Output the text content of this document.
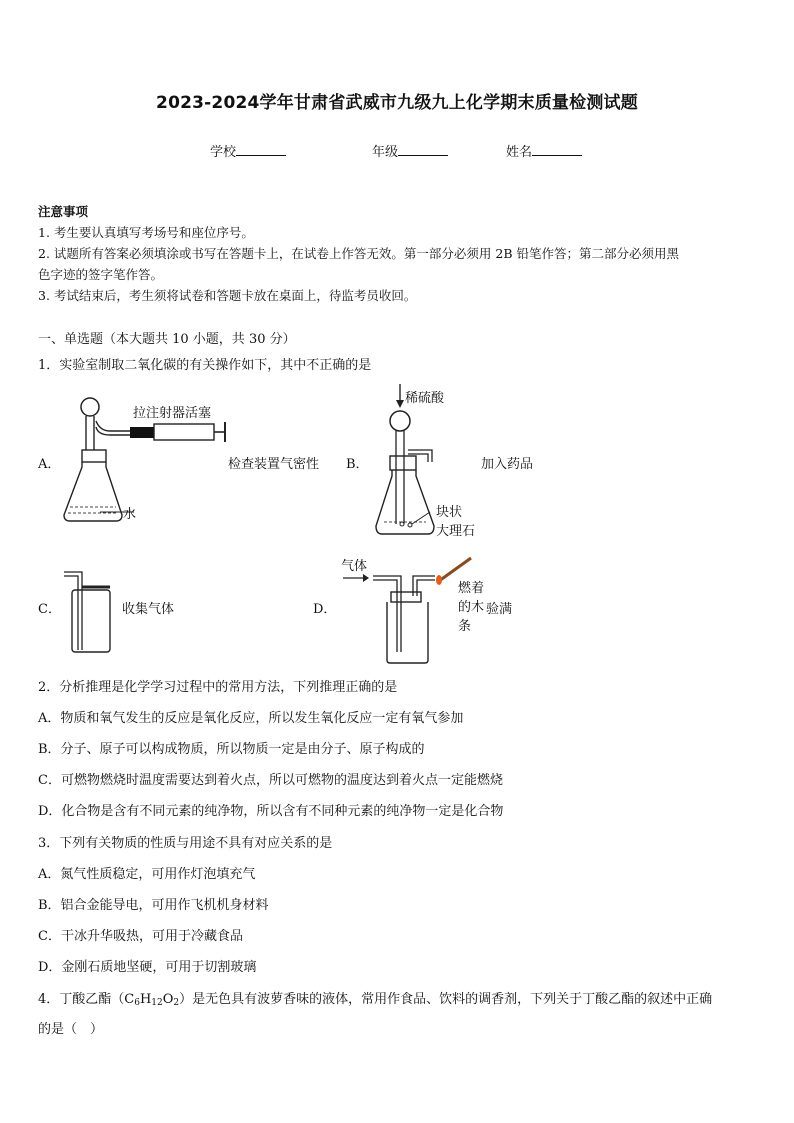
2023-2024学年甘肃省武威市九级九上化学期末质量检测试题
学校	年级	姓名
注意事项
1. 考生要认真填写考场号和座位序号。
2. 试题所有答案必须填涂或书写在答题卡上，在试卷上作答无效。第一部分必须用 2B 铅笔作答；第二部分必须用黑
色字迹的签字笔作答。
3. 考试结束后，考生须将试卷和答题卡放在桌面上，待监考员收回。
一、单选题（本大题共 10 小题，共 30 分）
1．实验室制取二氧化碳的有关操作如下，其中不正确的是
A．
拉注射器活塞
水
检查装置气密性 B．
稀硫酸
加入药品
块状
大理石
C．	收集气体	D．
气体
燃着
的木 验满
条
2．分析推理是化学学习过程中的常用方法，下列推理正确的是
A．物质和氧气发生的反应是氧化反应，所以发生氧化反应一定有氧气参加
B．分子、原子可以构成物质，所以物质一定是由分子、原子构成的
C．可燃物燃烧时温度需要达到着火点，所以可燃物的温度达到着火点一定能燃烧
D．化合物是含有不同元素的纯净物，所以含有不同种元素的纯净物一定是化合物
3．下列有关物质的性质与用途不具有对应关系的是
A．氮气性质稳定，可用作灯泡填充气
B．铝合金能导电，可用作飞机机身材料
C．干冰升华吸热，可用于冷藏食品
D．金刚石质地坚硬，可用于切割玻璃
4．丁酸乙酯$(C_6H_{12}O_2)$是无色具有波萝香味的液体，常用作食品、饮料的调香剂，下列关于丁酸乙酯的叙述中正确
的是（　）
